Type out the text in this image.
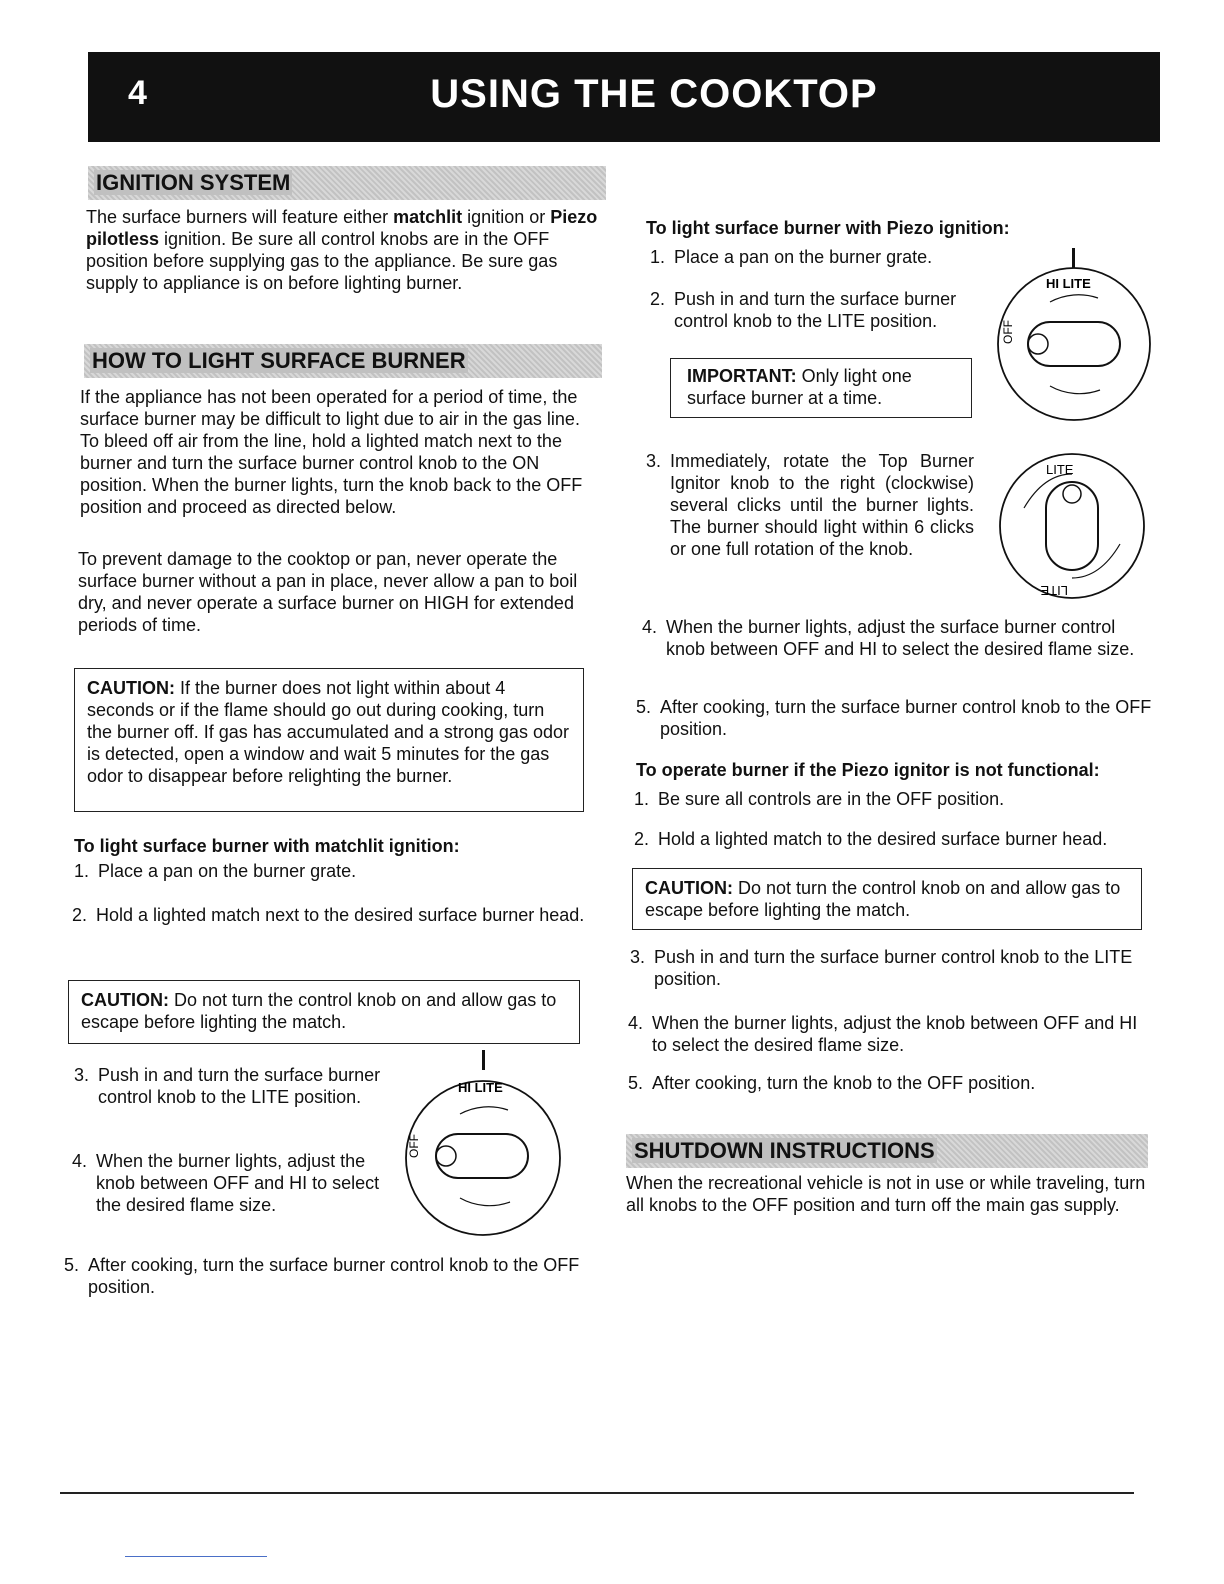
4	USING THE COOKTOP
IGNITION SYSTEM
The surface burners will feature either matchlit ignition or Piezo pilotless ignition. Be sure all control knobs are in the OFF position before supplying gas to the appliance. Be sure gas supply to appliance is on before lighting burner.
HOW TO LIGHT SURFACE BURNER
If the appliance has not been operated for a period of time, the surface burner may be difficult to light due to air in the gas line. To bleed off air from the line, hold a lighted match next to the burner and turn the surface burner control knob to the ON position. When the burner lights, turn the knob back to the OFF position and proceed as directed below.
To prevent damage to the cooktop or pan, never operate the surface burner without a pan in place, never allow a pan to boil dry, and never operate a surface burner on HIGH for extended periods of time.
CAUTION: If the burner does not light within about 4 seconds or if the flame should go out during cooking, turn the burner off. If gas has accumulated and a strong gas odor is detected, open a window and wait 5 minutes for the gas odor to disappear before relighting the burner.
To light surface burner with matchlit ignition:
1. Place a pan on the burner grate.
2. Hold a lighted match next to the desired surface burner head.
CAUTION: Do not turn the control knob on and allow gas to escape before lighting the match.
3. Push in and turn the surface burner control knob to the LITE position.
4. When the burner lights, adjust the knob between OFF and HI to select the desired flame size.
5. After cooking, turn the surface burner control knob to the OFF position.
HI LITE
OFF
To light surface burner with Piezo ignition:
1. Place a pan on the burner grate.
2. Push in and turn the surface burner control knob to the LITE position.
IMPORTANT: Only light one surface burner at a time.
3. Immediately, rotate the Top Burner Ignitor knob to the right (clockwise) several clicks until the burner lights. The burner should light within 6 clicks or one full rotation of the knob.
4. When the burner lights, adjust the surface burner control knob between OFF and HI to select the desired flame size.
5. After cooking, turn the surface burner control knob to the OFF position.
HI LITE
OFF
LITE
LITE
To operate burner if the Piezo ignitor is not functional:
1. Be sure all controls are in the OFF position.
2. Hold a lighted match to the desired surface burner head.
CAUTION: Do not turn the control knob on and allow gas to escape before lighting the match.
3. Push in and turn the surface burner control knob to the LITE position.
4. When the burner lights, adjust the knob between OFF and HI to select the desired flame size.
5. After cooking, turn the knob to the OFF position.
SHUTDOWN INSTRUCTIONS
When the recreational vehicle is not in use or while traveling, turn all knobs to the OFF position and turn off the main gas supply.
